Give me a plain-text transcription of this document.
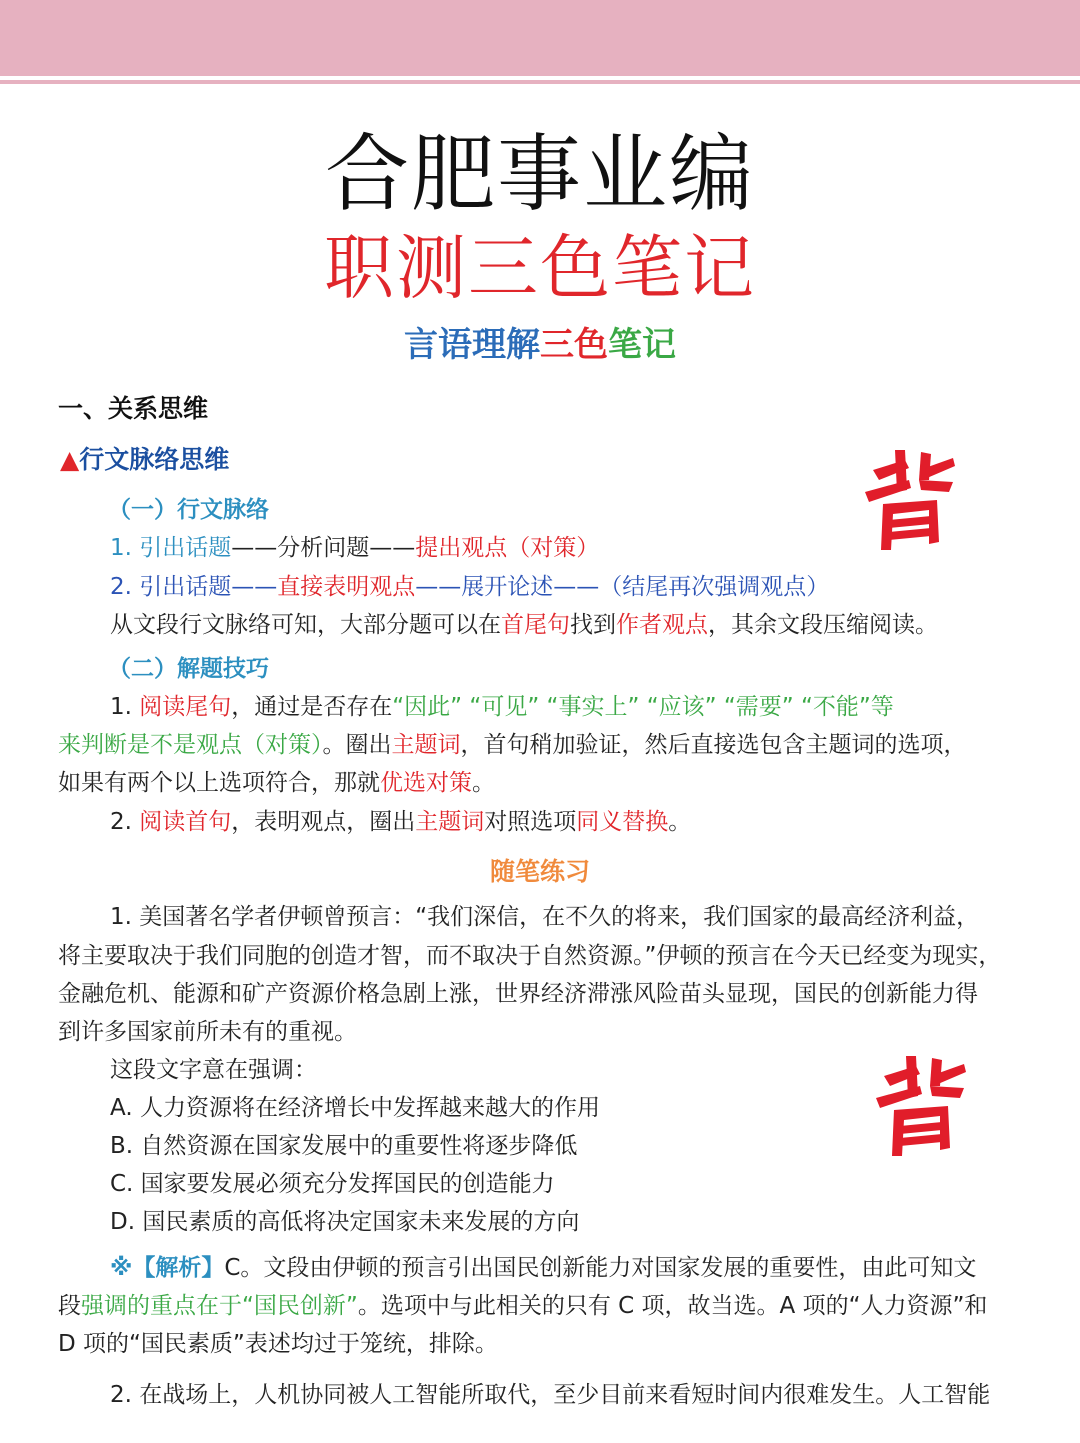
合肥事业编
职测三色笔记
言语理解三色笔记
一、关系思维
▲行文脉络思维
（一）行文脉络
1. 引出话题——分析问题——提出观点（对策）
2. 引出话题——直接表明观点——展开论述——（结尾再次强调观点）
从文段行文脉络可知，大部分题可以在首尾句找到作者观点，其余文段压缩阅读。
（二）解题技巧
1. 阅读尾句，通过是否存在“因此” “可见” “事实上” “应该” “需要” “不能”等
来判断是不是观点（对策）。圈出主题词，首句稍加验证，然后直接选包含主题词的选项，
如果有两个以上选项符合，那就优选对策。
2. 阅读首句，表明观点，圈出主题词对照选项同义替换。
随笔练习
1. 美国著名学者伊顿曾预言：“我们深信，在不久的将来，我们国家的最高经济利益，
将主要取决于我们同胞的创造才智，而不取决于自然资源。”伊顿的预言在今天已经变为现实，
金融危机、能源和矿产资源价格急剧上涨，世界经济滞涨风险苗头显现，国民的创新能力得
到许多国家前所未有的重视。
这段文字意在强调：
A. 人力资源将在经济增长中发挥越来越大的作用
B. 自然资源在国家发展中的重要性将逐步降低
C. 国家要发展必须充分发挥国民的创造能力
D. 国民素质的高低将决定国家未来发展的方向
※【解析】C。文段由伊顿的预言引出国民创新能力对国家发展的重要性，由此可知文
段强调的重点在于“国民创新”。选项中与此相关的只有 C 项，故当选。A 项的“人力资源”和
D 项的“国民素质”表述均过于笼统，排除。
2. 在战场上，人机协同被人工智能所取代，至少目前来看短时间内很难发生。人工智能
